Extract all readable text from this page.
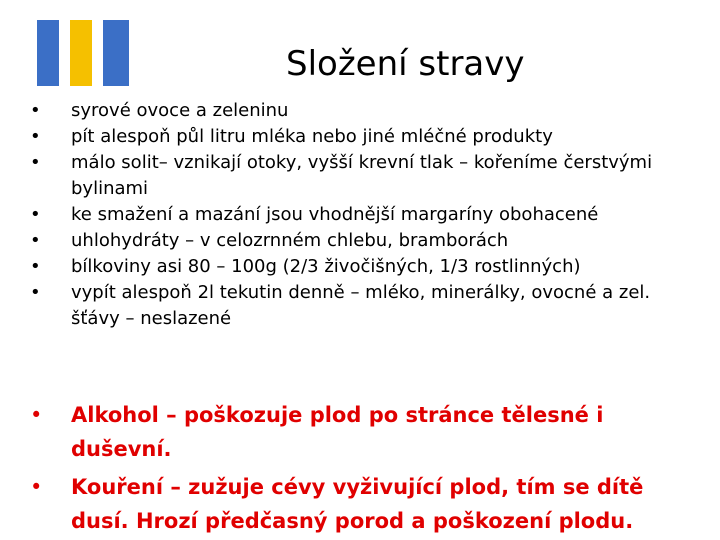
Složení stravy
• syrové ovoce a zeleninu
• pít alespoň půl litru mléka nebo jiné mléčné produkty
• málo solit– vznikají otoky, vyšší krevní tlak – kořeníme čerstvými bylinami
• ke smažení a mazání jsou vhodnější margaríny obohacené
• uhlohydráty – v celozrnném chlebu, bramborách
• bílkoviny asi 80 – 100g (2/3 živočišných, 1/3 rostlinných)
• vypít alespoň 2l tekutin denně – mléko, minerálky, ovocné a zel. šťávy – neslazené
• Alkohol – poškozuje plod po stránce tělesné i duševní.
• Kouření – zužuje cévy vyživující plod, tím se dítě dusí. Hrozí předčasný porod a poškození plodu.
